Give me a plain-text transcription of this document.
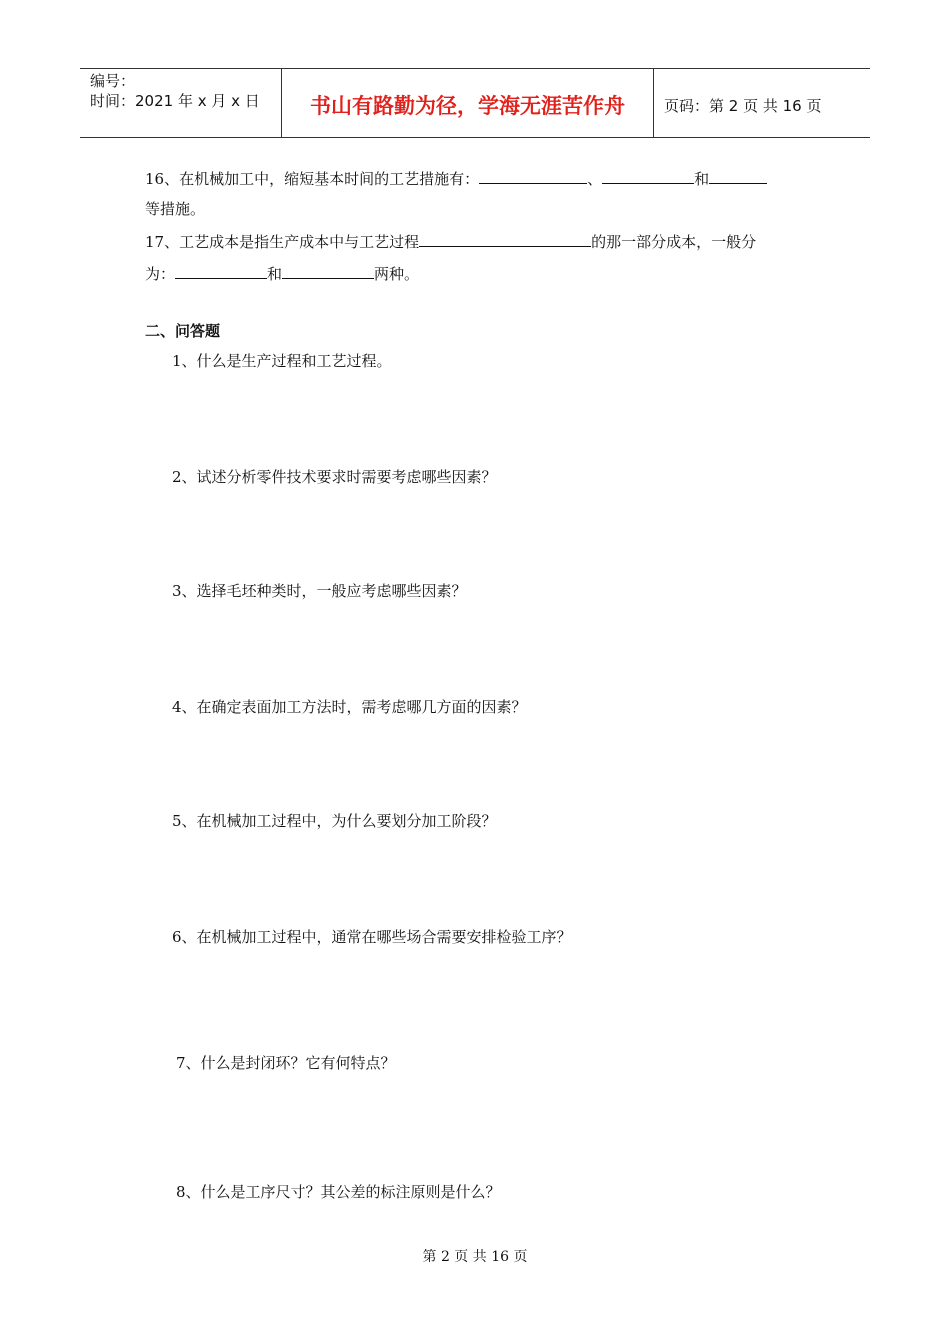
编号：
时间：2021 年 x 月 x 日	书山有路勤为径，学海无涯苦作舟	页码：第 2 页 共 16 页
16、在机械加工中，缩短基本时间的工艺措施有：	、	和
等措施。
17、工艺成本是指生产成本中与工艺过程	的那一部分成本，一般分
为：	和	两种。
二、问答题
1、什么是生产过程和工艺过程。
2、试述分析零件技术要求时需要考虑哪些因素？
3、选择毛坯种类时，一般应考虑哪些因素？
4、在确定表面加工方法时，需考虑哪几方面的因素？
5、在机械加工过程中，为什么要划分加工阶段？
6、在机械加工过程中，通常在哪些场合需要安排检验工序？
7、什么是封闭环？它有何特点？
8、什么是工序尺寸？其公差的标注原则是什么？
第 2 页 共 16 页
